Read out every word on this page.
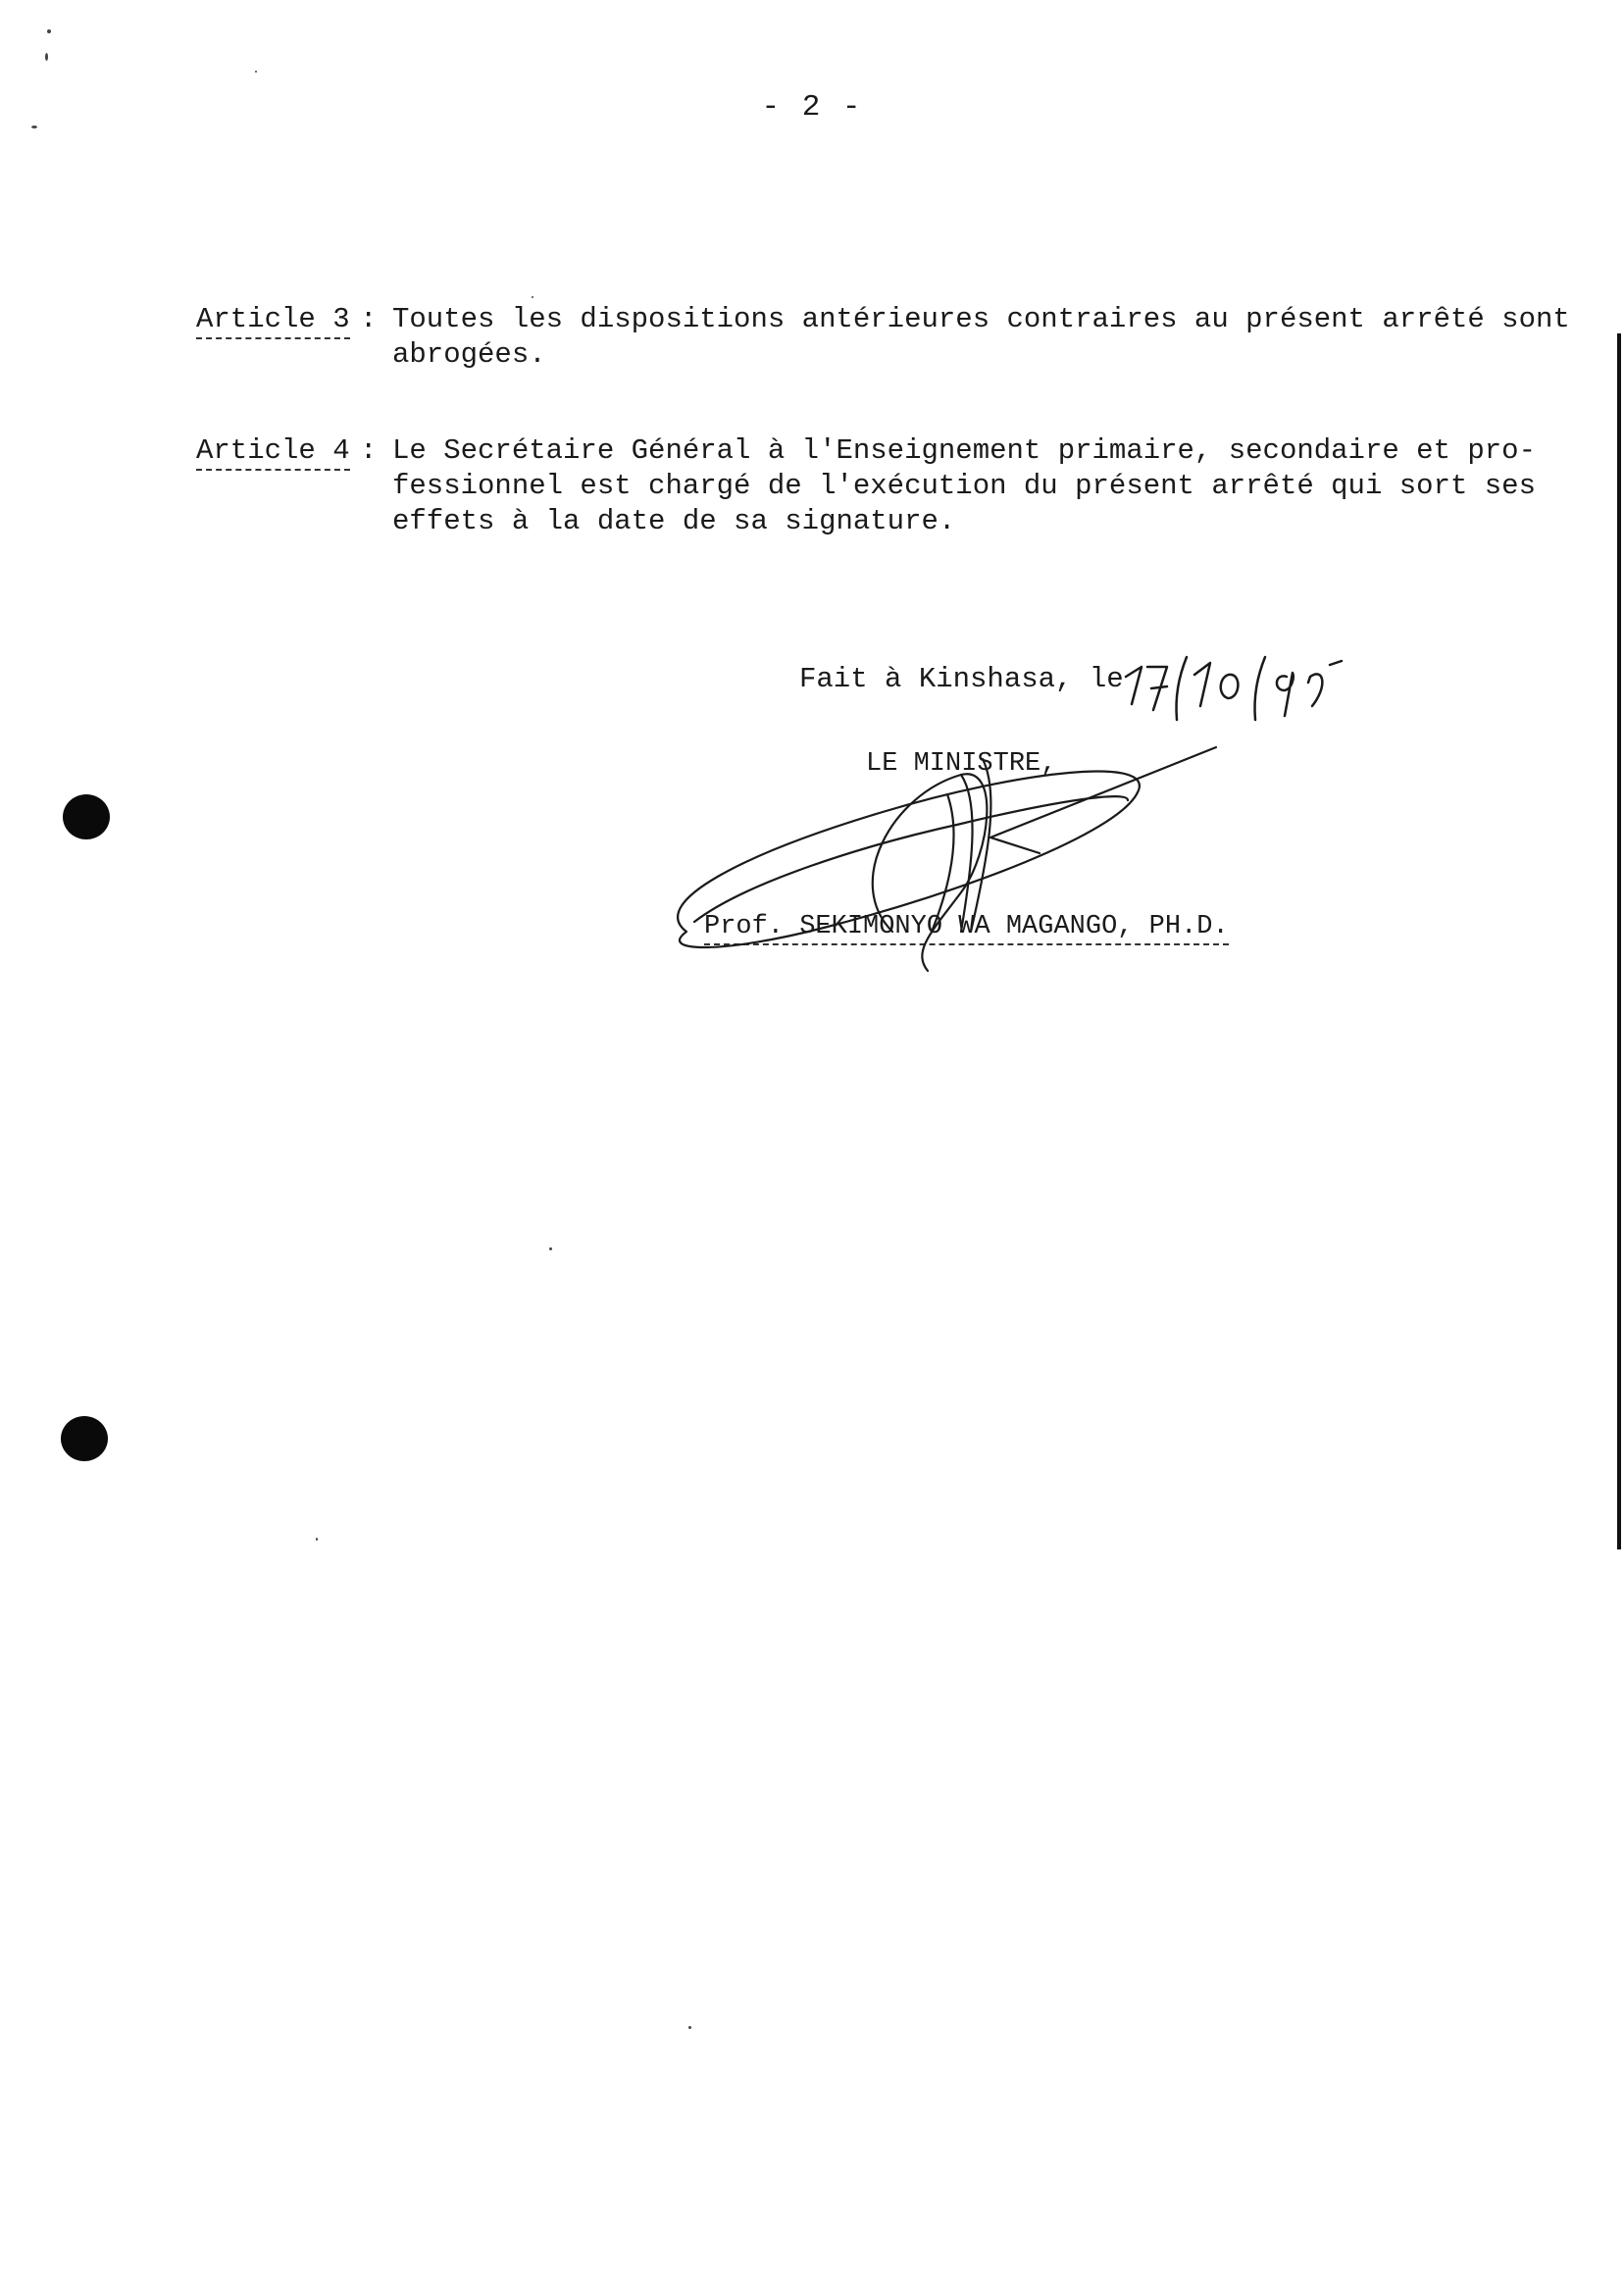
- 2 -
Article 3 : Toutes les dispositions antérieures contraires au présent arrêté sont
abrogées.
Article 4 : Le Secrétaire Général à l'Enseignement primaire, secondaire et pro-
fessionnel est chargé de l'exécution du présent arrêté qui sort ses
effets à la date de sa signature.
Fait à Kinshasa, le
LE MINISTRE,
Prof. SEKIMONYO WA MAGANGO, PH.D.
